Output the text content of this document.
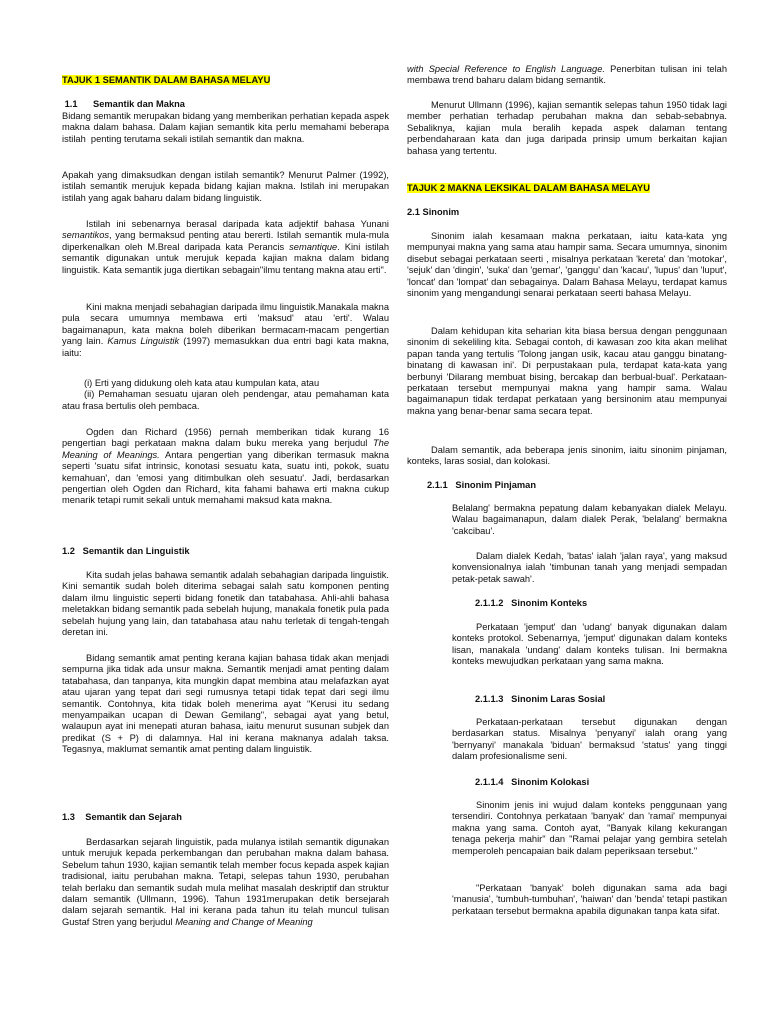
TAJUK 1 SEMANTIK DALAM BAHASA MELAYU
1.1      Semantik dan Makna

Bidang semantik merupakan bidang yang memberikan perhatian kepada aspek        makna dalam bahasa. Dalam kajian semantik kita perlu memahami beberapa istilah  penting terutama sekali istilah semantik dan makna.

Apakah yang dimaksudkan dengan istilah semantik? Menurut Palmer (1992), istilah semantik merujuk kepada bidang kajian makna. Istilah ini merupakan istilah yang agak baharu dalam bidang linguistik.

Istilah ini sebenarnya berasal daripada kata adjektif bahasa Yunani semantikos, yang bermaksud penting atau bererti. Istilah semantik mula-mula diperkenalkan oleh M.Breal daripada kata Perancis semantique. Kini istilah semantik digunakan untuk merujuk kepada kajian makna dalam bidang linguistik. Kata semantik juga diertikan sebagain"ilmu tentang makna atau erti".

Kini makna menjadi sebahagian daripada ilmu linguistik.Manakala makna pula secara umumnya membawa erti 'maksud' atau 'erti'. Walau bagaimanapun, kata makna boleh diberikan bermacam-macam pengertian yang lain. Kamus Linguistik (1997) memasukkan dua entri bagi kata makna, iaitu:

(i) Erti yang didukung oleh kata atau kumpulan kata, atau
(ii) Pemahaman sesuatu ujaran oleh pendengar, atau pemahaman kata atau frasa bertulis oleh pembaca.

Ogden dan Richard (1956) pernah memberikan tidak kurang 16 pengertian bagi perkataan makna dalam buku mereka yang berjudul The Meaning of Meanings. Antara pengertian yang diberikan termasuk makna seperti 'suatu sifat intrinsic, konotasi sesuatu kata, suatu inti, pokok, suatu kemahuan', dan 'emosi yang ditimbulkan oleh sesuatu'. Jadi, berdasarkan pengertian oleh Ogden dan Richard, kita fahami bahawa erti makna cukup menarik tetapi rumit sekali untuk memahami maksud kata makna.

1.2   Semantik dan Linguistik

Kita sudah jelas bahawa semantik adalah sebahagian daripada linguistik. Kini semantik sudah boleh diterima sebagai salah satu komponen penting dalam ilmu linguistic seperti bidang fonetik dan tatabahasa. Ahli-ahli bahasa meletakkan bidang semantik pada sebelah hujung, manakala fonetik pula pada sebelah hujung yang lain, dan tatabahasa atau nahu terletak di tengah-tengah deretan ini.

Bidang semantik amat penting kerana kajian bahasa tidak akan menjadi sempurna jika tidak ada unsur makna. Semantik menjadi amat penting dalam tatabahasa, dan tanpanya, kita mungkin dapat membina atau melafazkan ayat atau ujaran yang tepat dari segi rumusnya tetapi tidak tepat dari segi ilmu semantik. Contohnya, kita tidak boleh menerima ayat "Kerusi itu sedang menyampaikan ucapan di Dewan Gemilang", sebagai ayat yang betul, walaupun ayat ini menepati aturan bahasa, iaitu menurut susunan subjek dan predikat (S + P) di dalamnya. Hal ini kerana maknanya adalah taksa. Tegasnya, maklumat semantik amat penting dalam linguistik.

1.3    Semantik dan Sejarah

Berdasarkan sejarah linguistik, pada mulanya istilah semantik digunakan untuk merujuk kepada perkembangan dan perubahan makna dalam bahasa. Sebelum tahun 1930, kajian semantik telah member focus kepada aspek kajian tradisional, iaitu perubahan makna. Tetapi, selepas tahun 1930, perubahan telah berlaku dan semantik sudah mula melihat masalah deskriptif dan struktur dalam semantik (Ullmann, 1996). Tahun 1931merupakan detik bersejarah dalam sejarah semantik. Hal ini kerana pada tahun itu telah muncul tulisan Gustaf Stren yang berjudul Meaning and Change of Meaning

with Special Reference to English Language. Penerbitan tulisan ini telah membawa trend baharu dalam bidang semantik.

Menurut Ullmann (1996), kajian semantik selepas tahun 1950 tidak lagi member perhatian terhadap perubahan makna dan sebab-sebabnya. Sebaliknya, kajian mula beralih kepada aspek dalaman tentang perbendaharaan kata dan juga daripada prinsip umum berkaitan kajian bahasa yang tertentu.

TAJUK 2 MAKNA LEKSIKAL DALAM BAHASA MELAYU
2.1 Sinonim

Sinonim ialah kesamaan makna perkataan, iaitu kata-kata yng mempunyai makna yang sama atau hampir sama. Secara umumnya, sinonim disebut sebagai perkataan seerti , misalnya perkataan 'kereta' dan 'motokar', 'sejuk' dan 'dingin', 'suka' dan 'gemar', 'ganggu' dan 'kacau', 'lupus' dan 'luput', 'loncat' dan 'lompat' dan sebagainya. Dalam Bahasa Melayu, terdapat kamus sinonim yang mengandungi senarai perkataan seerti bahasa Melayu.

Dalam kehidupan kita seharian kita biasa bersua dengan penggunaan sinonim di sekeliling kita. Sebagai contoh, di kawasan zoo kita akan melihat papan tanda yang tertulis 'Tolong jangan usik, kacau atau ganggu binatang-binatang di kawasan ini'. Di perpustakaan pula, terdapat kata-kata yang berbunyi 'Dilarang membuat bising, bercakap dan berbual-bual'. Perkataan-perkataan tersebut mempunyai makna yang hampir sama. Walau bagaimanapun tidak terdapat perkataan yang bersinonim atau mempunyai makna yang benar-benar sama secara tepat.

Dalam semantik, ada beberapa jenis sinonim, iaitu sinonim pinjaman, konteks, laras sosial, dan kolokasi.

2.1.1   Sinonim Pinjaman

Belalang' bermakna pepatung dalam kebanyakan dialek Melayu. Walau bagaimanapun, dalam dialek Perak, 'belalang' bermakna 'cakcibau'.

Dalam dialek Kedah, 'batas' ialah 'jalan raya', yang maksud konvensionalnya ialah 'timbunan tanah yang menjadi sempadan petak-petak sawah'.

2.1.1.2   Sinonim Konteks

Perkataan 'jemput' dan 'udang' banyak digunakan dalam konteks protokol. Sebenarnya, 'jemput' digunakan dalam konteks lisan, manakala 'undang' dalam konteks tulisan. Ini bermakna konteks mewujudkan perkataan yang sama makna.

2.1.1.3   Sinonim Laras Sosial

Perkataan-perkataan tersebut digunakan dengan berdasarkan status. Misalnya 'penyanyi' ialah orang yang 'bernyanyi' manakala 'biduan' bermaksud 'status' yang tinggi dalam profesionalisme seni.

2.1.1.4   Sinonim Kolokasi

Sinonim jenis ini wujud dalam konteks penggunaan yang tersendiri. Contohnya perkataan 'banyak' dan 'ramai' mempunyai makna yang sama. Contoh ayat, "Banyak kilang kekurangan tenaga pekerja mahir" dan "Ramai pelajar yang gembira setelah memperoleh pencapaian baik dalam peperiksaan tersebut."

"Perkataan 'banyak' boleh digunakan sama ada bagi 'manusia', 'tumbuh-tumbuhan', 'haiwan' dan 'benda' tetapi pastikan perkataan tersebut bermakna apabila digunakan tanpa kata sifat.
